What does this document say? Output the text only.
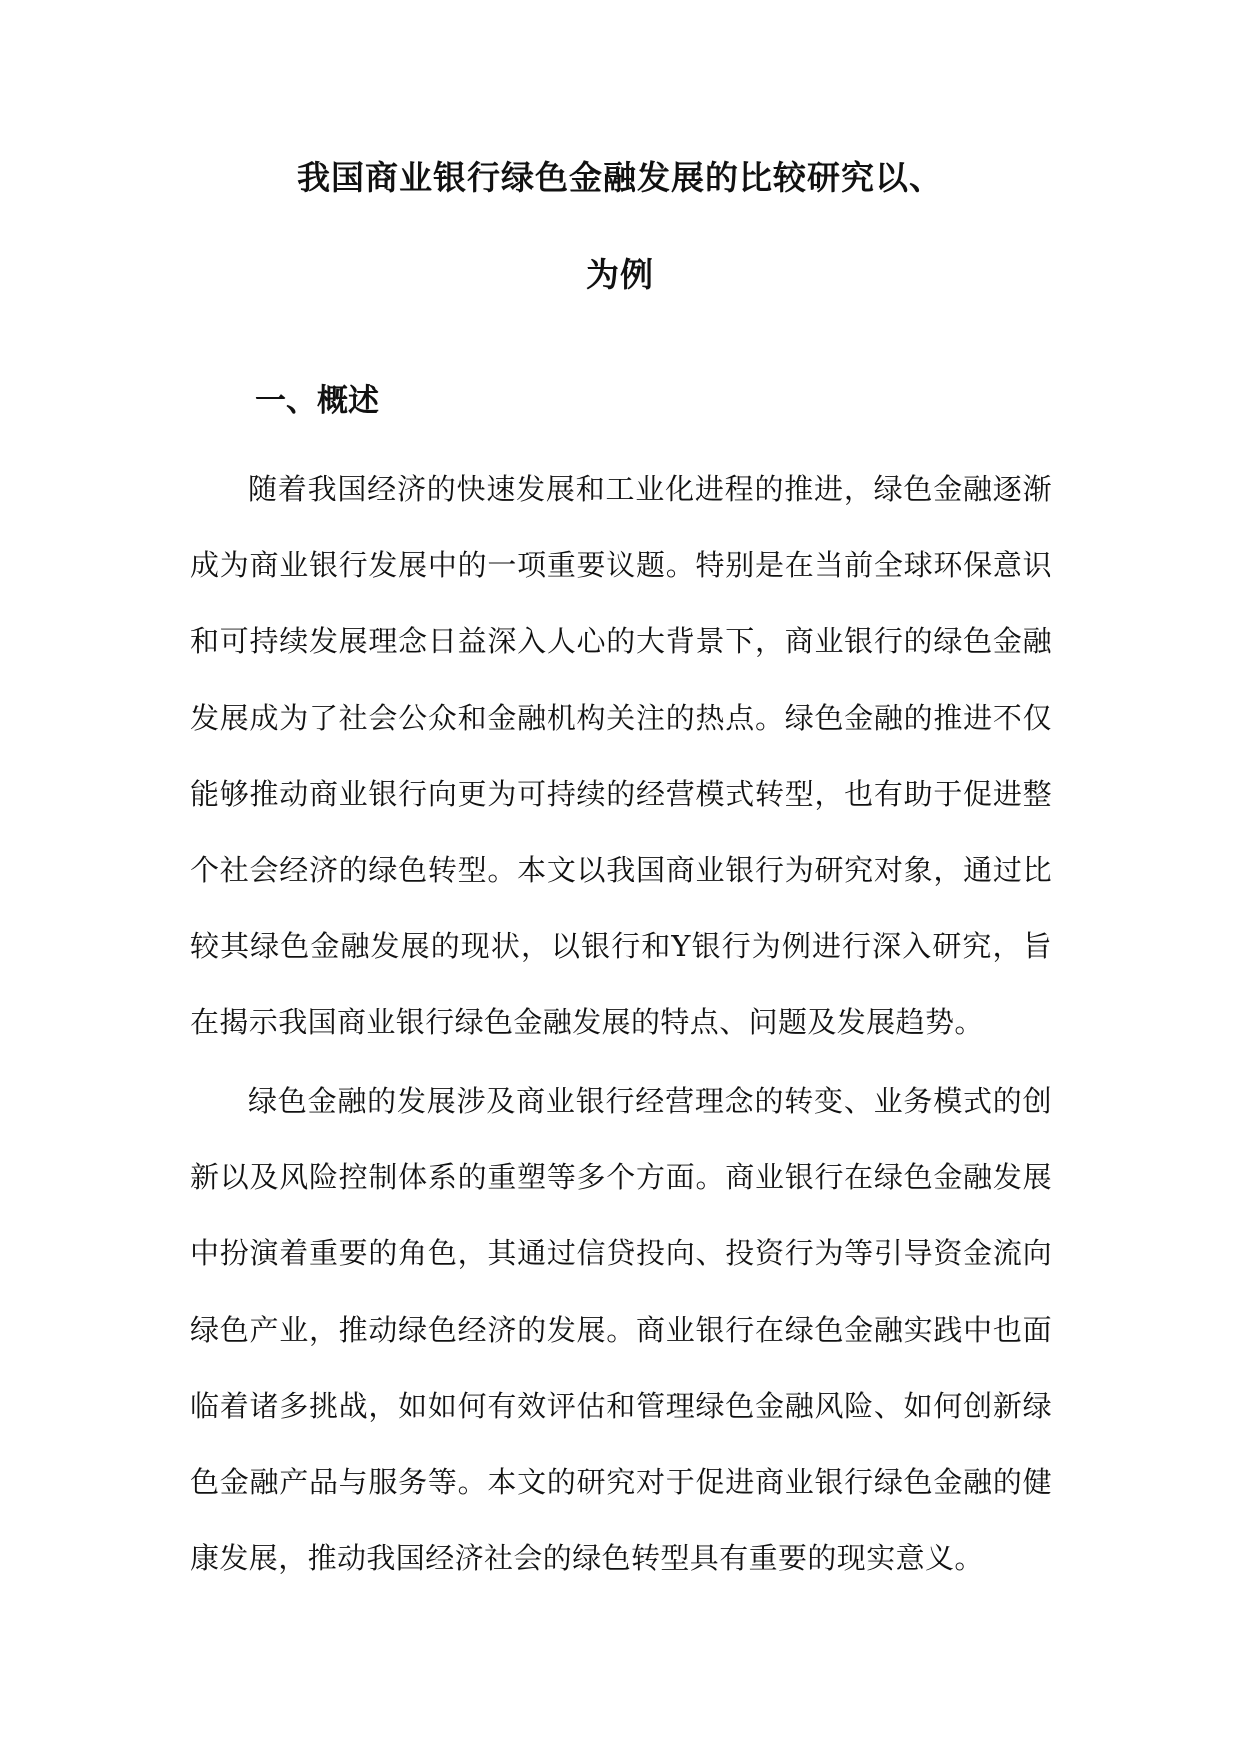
我国商业银行绿色金融发展的比较研究以、
为例
一、概述

随着我国经济的快速发展和工业化进程的推进，绿色金融逐渐成为商业银行发展中的一项重要议题。特别是在当前全球环保意识和可持续发展理念日益深入人心的大背景下，商业银行的绿色金融发展成为了社会公众和金融机构关注的热点。绿色金融的推进不仅能够推动商业银行向更为可持续的经营模式转型，也有助于促进整个社会经济的绿色转型。本文以我国商业银行为研究对象，通过比较其绿色金融发展的现状，以银行和Y银行为例进行深入研究，旨在揭示我国商业银行绿色金融发展的特点、问题及发展趋势。

绿色金融的发展涉及商业银行经营理念的转变、业务模式的创新以及风险控制体系的重塑等多个方面。商业银行在绿色金融发展中扮演着重要的角色，其通过信贷投向、投资行为等引导资金流向绿色产业，推动绿色经济的发展。商业银行在绿色金融实践中也面临着诸多挑战，如如何有效评估和管理绿色金融风险、如何创新绿色金融产品与服务等。本文的研究对于促进商业银行绿色金融的健康发展，推动我国经济社会的绿色转型具有重要的现实意义。
